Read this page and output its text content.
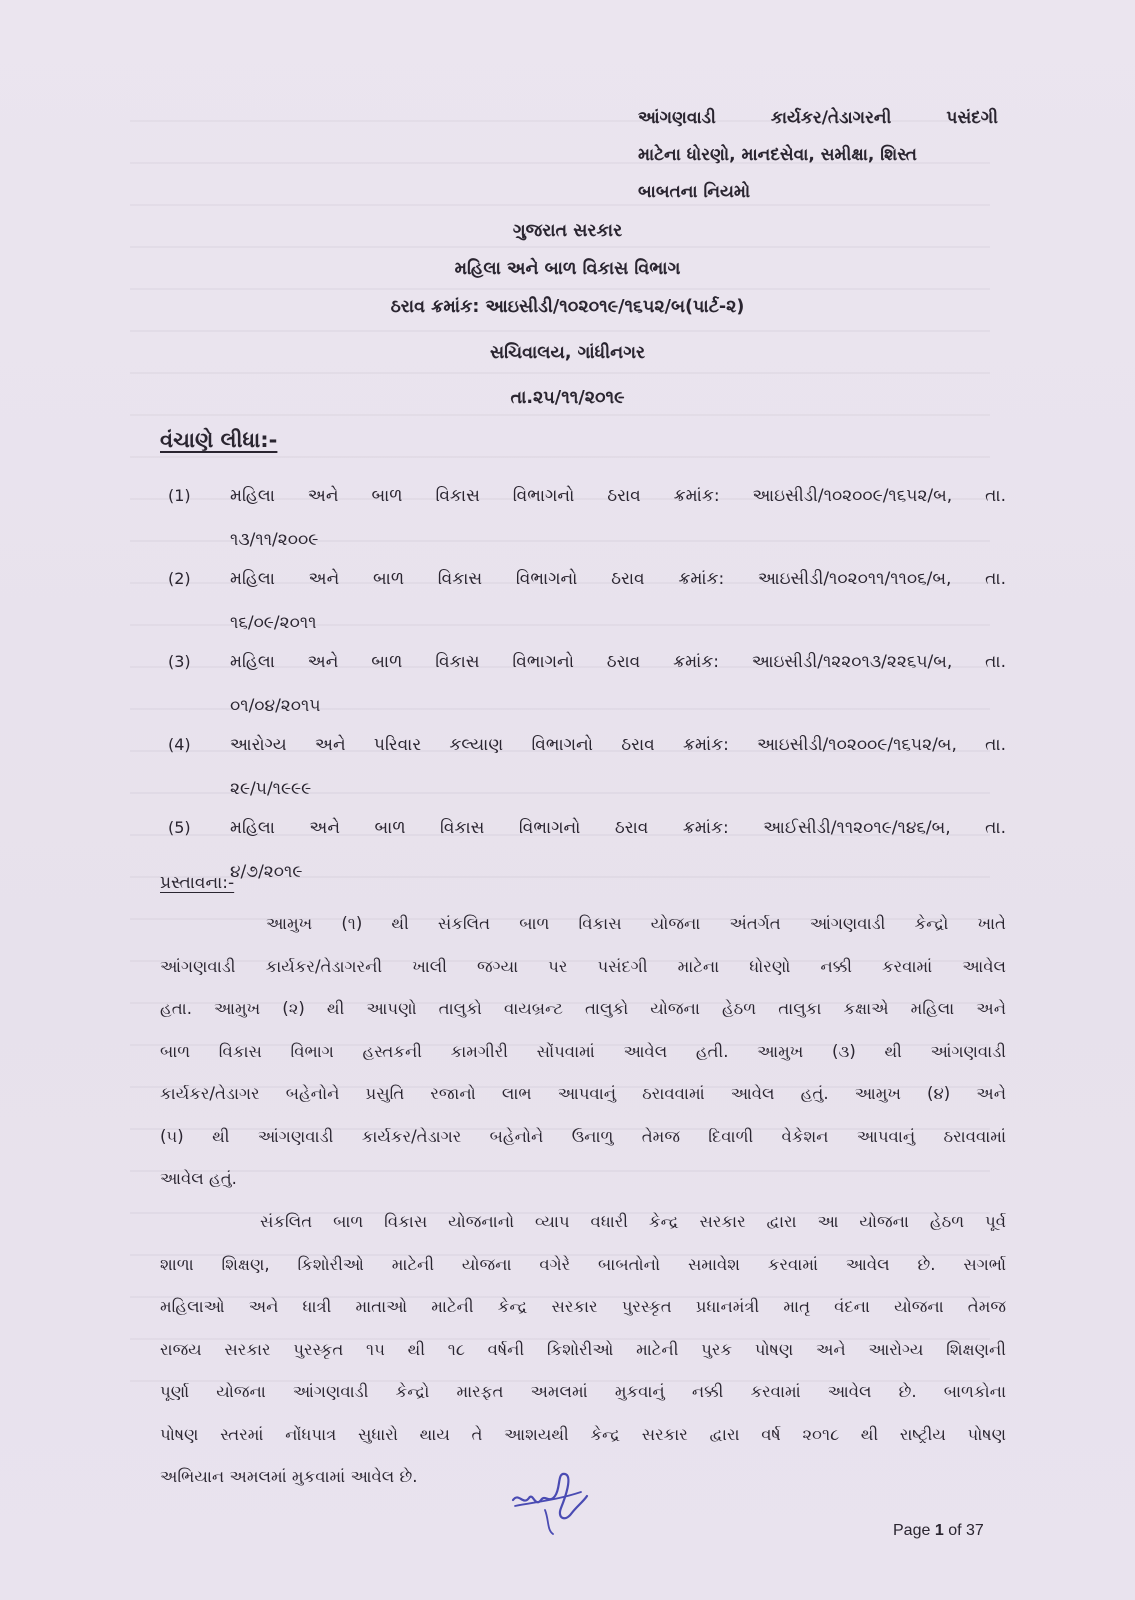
આંગણવાડી કાર્યકર/તેડાગરની પસંદગી
માટેના ધોરણો, માનદસેવા, સમીક્ષા, શિસ્ત
બાબતના નિયમો
ગુજરાત સરકાર
મહિલા અને બાળ વિકાસ વિભાગ
ઠરાવ ક્રમાંક: આઇસીડી/૧૦૨૦૧૯/૧૬૫૨/બ(પાર્ટ-૨)
સચિવાલય, ગાંધીનગર
તા.૨૫/૧૧/૨૦૧૯
વંચાણે લીધા:-
(1) મહિલા અને બાળ વિકાસ વિભાગનો ઠરાવ ક્રમાંક: આઇસીડી/૧૦૨૦૦૯/૧૬૫૨/બ, તા.
૧૩/૧૧/૨૦૦૯
(2) મહિલા અને બાળ વિકાસ વિભાગનો ઠરાવ ક્રમાંક: આઇસીડી/૧૦૨૦૧૧/૧૧૦૬/બ, તા.
૧૬/૦૯/૨૦૧૧
(3) મહિલા અને બાળ વિકાસ વિભાગનો ઠરાવ ક્રમાંક: આઇસીડી/૧૨૨૦૧૩/૨૨૬૫/બ, તા.
૦૧/૦૪/૨૦૧૫
(4) આરોગ્ય અને પરિવાર કલ્યાણ વિભાગનો ઠરાવ ક્રમાંક: આઇસીડી/૧૦૨૦૦૯/૧૬૫૨/બ, તા.
૨૯/૫/૧૯૯૯
(5) મહિલા અને બાળ વિકાસ વિભાગનો ઠરાવ ક્રમાંક: આઈસીડી/૧૧૨૦૧૯/૧૪૬/બ, તા.
૪/૭/૨૦૧૯
પ્રસ્તાવના:-
આમુખ (૧) થી સંકલિત બાળ વિકાસ યોજના અંતર્ગત આંગણવાડી કેન્દ્રો ખાતે
આંગણવાડી કાર્યકર/તેડાગરની ખાલી જગ્યા પર પસંદગી માટેના ધોરણો નક્કી કરવામાં આવેલ
હતા. આમુખ (૨) થી આપણો તાલુકો વાયબ્રન્ટ તાલુકો યોજના હેઠળ તાલુકા કક્ષાએ મહિલા અને
બાળ વિકાસ વિભાગ હસ્તકની કામગીરી સોંપવામાં આવેલ હતી. આમુખ (૩) થી આંગણવાડી
કાર્યકર/તેડાગર બહેનોને પ્રસુતિ રજાનો લાભ આપવાનું ઠરાવવામાં આવેલ હતું. આમુખ (૪) અને
(૫) થી આંગણવાડી કાર્યકર/તેડાગર બહેનોને ઉનાળુ તેમજ દિવાળી વેકેશન આપવાનું ઠરાવવામાં
આવેલ હતું.
સંકલિત બાળ વિકાસ યોજનાનો વ્યાપ વધારી કેન્દ્ર સરકાર દ્વારા આ યોજના હેઠળ પૂર્વ
શાળા શિક્ષણ, કિશોરીઓ માટેની યોજના વગેરે બાબતોનો સમાવેશ કરવામાં આવેલ છે. સગર્ભા
મહિલાઓ અને ધાત્રી માતાઓ માટેની કેન્દ્ર સરકાર પુરસ્કૃત પ્રધાનમંત્રી માતૃ વંદના યોજના તેમજ
રાજય સરકાર પુરસ્કૃત ૧૫ થી ૧૮ વર્ષની કિશોરીઓ માટેની પુરક પોષણ અને આરોગ્ય શિક્ષણની
પૂર્ણા યોજના આંગણવાડી કેન્દ્રો મારફત અમલમાં મુકવાનું નક્કી કરવામાં આવેલ છે. બાળકોના
પોષણ સ્તરમાં નોંધપાત્ર સુધારો થાય તે આશયથી કેન્દ્ર સરકાર દ્વારા વર્ષ ૨૦૧૮ થી રાષ્ટ્રીય પોષણ
અભિયાન અમલમાં મુકવામાં આવેલ છે.
Page 1 of 37
